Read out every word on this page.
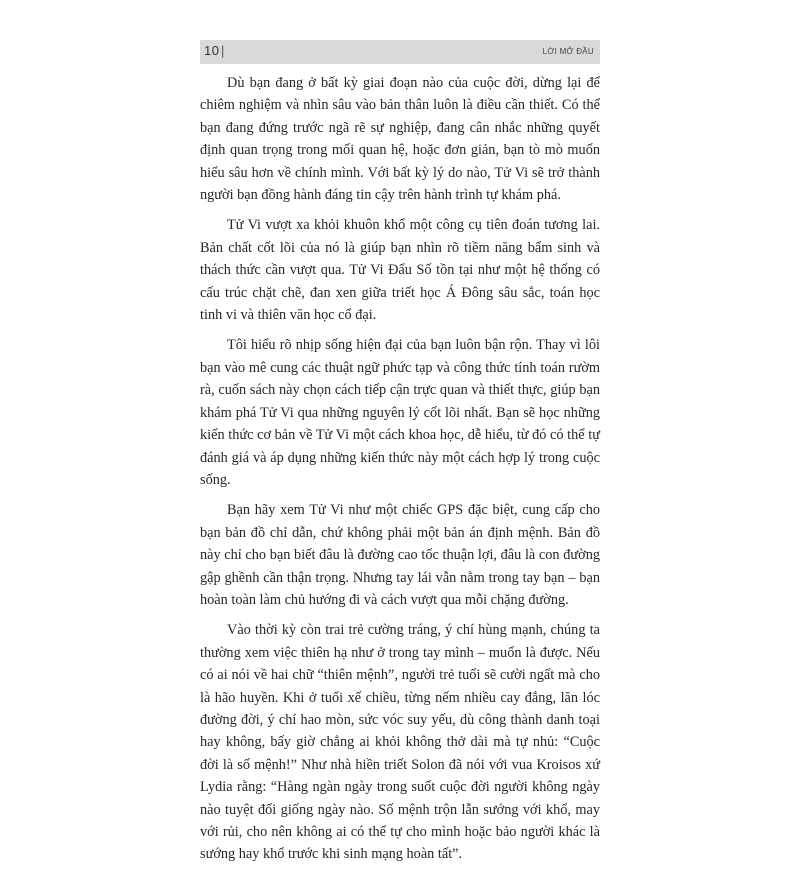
10 |	LỜI MỞ ĐẦU

Dù bạn đang ở bất kỳ giai đoạn nào của cuộc đời, dừng lại để chiêm nghiệm và nhìn sâu vào bản thân luôn là điều cần thiết. Có thể bạn đang đứng trước ngã rẽ sự nghiệp, đang cân nhắc những quyết định quan trọng trong mối quan hệ, hoặc đơn giản, bạn tò mò muốn hiểu sâu hơn về chính mình. Với bất kỳ lý do nào, Tử Vi sẽ trở thành người bạn đồng hành đáng tin cậy trên hành trình tự khám phá.

Tử Vi vượt xa khỏi khuôn khổ một công cụ tiên đoán tương lai. Bản chất cốt lõi của nó là giúp bạn nhìn rõ tiềm năng bẩm sinh và thách thức cần vượt qua. Tử Vi Đẩu Số tồn tại như một hệ thống có cấu trúc chặt chẽ, đan xen giữa triết học Á Đông sâu sắc, toán học tinh vi và thiên văn học cổ đại.

Tôi hiểu rõ nhịp sống hiện đại của bạn luôn bận rộn. Thay vì lôi bạn vào mê cung các thuật ngữ phức tạp và công thức tính toán rườm rà, cuốn sách này chọn cách tiếp cận trực quan và thiết thực, giúp bạn khám phá Tử Vi qua những nguyên lý cốt lõi nhất. Bạn sẽ học những kiến thức cơ bản về Tử Vi một cách khoa học, dễ hiểu, từ đó có thể tự đánh giá và áp dụng những kiến thức này một cách hợp lý trong cuộc sống.

Bạn hãy xem Tử Vi như một chiếc GPS đặc biệt, cung cấp cho bạn bản đồ chỉ dẫn, chứ không phải một bản án định mệnh. Bản đồ này chỉ cho bạn biết đâu là đường cao tốc thuận lợi, đâu là con đường gập ghềnh cần thận trọng. Nhưng tay lái vẫn nằm trong tay bạn – bạn hoàn toàn làm chủ hướng đi và cách vượt qua mỗi chặng đường.

Vào thời kỳ còn trai trẻ cường tráng, ý chí hùng mạnh, chúng ta thường xem việc thiên hạ như ở trong tay mình – muốn là được. Nếu có ai nói về hai chữ “thiên mệnh”, người trẻ tuổi sẽ cười ngất mà cho là hão huyền. Khi ở tuổi xế chiều, từng nếm nhiều cay đắng, lăn lóc đường đời, ý chí hao mòn, sức vóc suy yếu, dù công thành danh toại hay không, bấy giờ chẳng ai khỏi không thở dài mà tự nhủ: “Cuộc đời là số mệnh!” Như nhà hiền triết Solon đã nói với vua Kroisos xứ Lydia rằng: “Hàng ngàn ngày trong suốt cuộc đời người không ngày nào tuyệt đối giống ngày nào. Số mệnh trộn lẫn sướng với khổ, may với rủi, cho nên không ai có thể tự cho mình hoặc bảo người khác là sướng hay khổ trước khi sinh mạng hoàn tất”.
